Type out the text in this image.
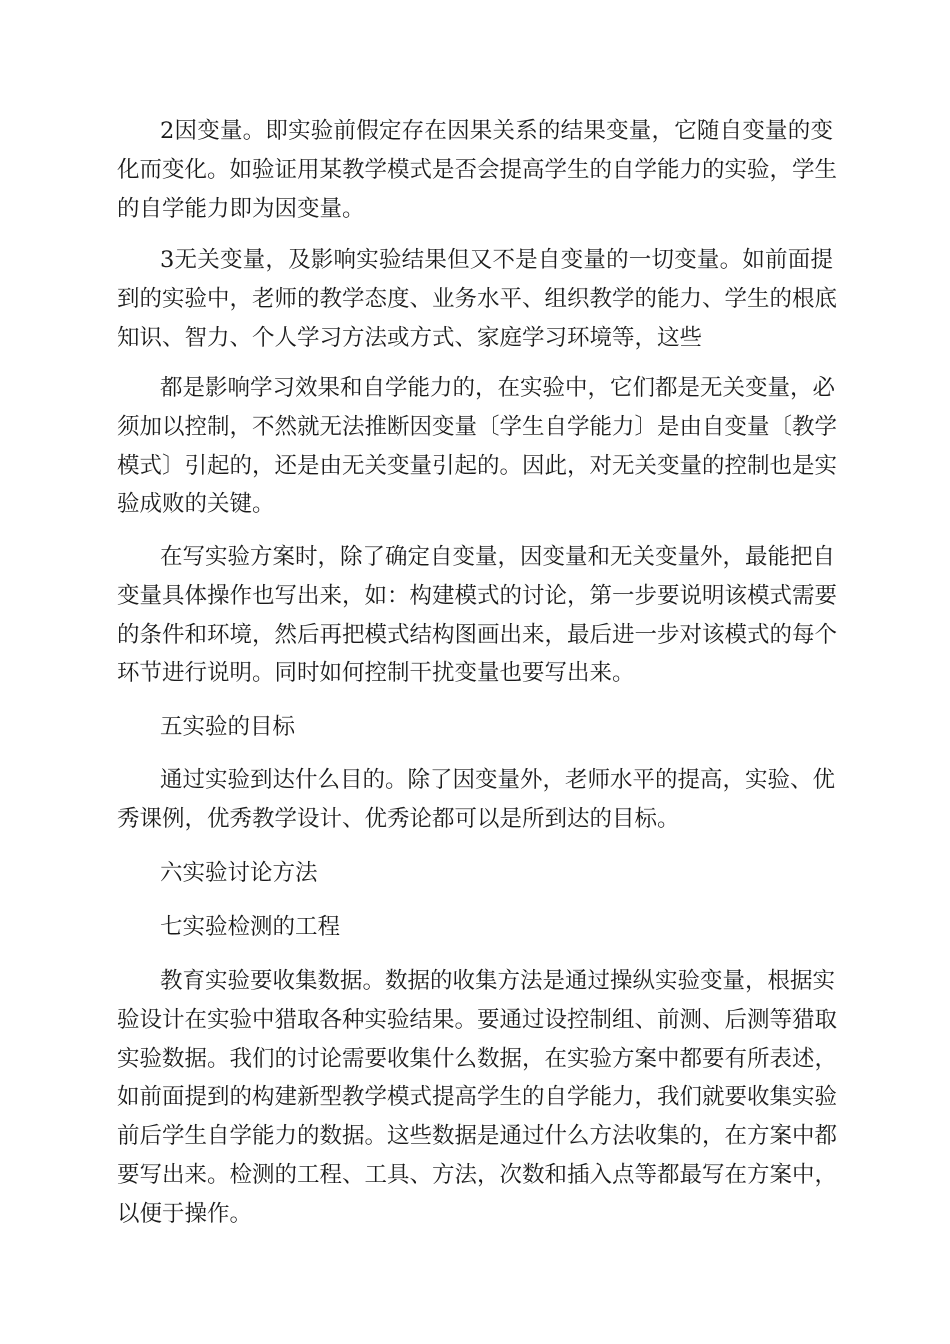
2因变量。即实验前假定存在因果关系的结果变量，它随自变量的变
化而变化。如验证用某教学模式是否会提高学生的自学能力的实验，学生
的自学能力即为因变量。
3无关变量，及影响实验结果但又不是自变量的一切变量。如前面提
到的实验中，老师的教学态度、业务水平、组织教学的能力、学生的根底
知识、智力、个人学习方法或方式、家庭学习环境等，这些
都是影响学习效果和自学能力的，在实验中，它们都是无关变量，必
须加以控制，不然就无法推断因变量〔学生自学能力〕是由自变量〔教学
模式〕引起的，还是由无关变量引起的。因此，对无关变量的控制也是实
验成败的关键。
在写实验方案时，除了确定自变量，因变量和无关变量外，最能把自
变量具体操作也写出来，如：构建模式的讨论，第一步要说明该模式需要
的条件和环境，然后再把模式结构图画出来，最后进一步对该模式的每个
环节进行说明。同时如何控制干扰变量也要写出来。
五实验的目标
通过实验到达什么目的。除了因变量外，老师水平的提高，实验、优
秀课例，优秀教学设计、优秀论都可以是所到达的目标。
六实验讨论方法
七实验检测的工程
教育实验要收集数据。数据的收集方法是通过操纵实验变量，根据实
验设计在实验中猎取各种实验结果。要通过设控制组、前测、后测等猎取
实验数据。我们的讨论需要收集什么数据，在实验方案中都要有所表述，
如前面提到的构建新型教学模式提高学生的自学能力，我们就要收集实验
前后学生自学能力的数据。这些数据是通过什么方法收集的，在方案中都
要写出来。检测的工程、工具、方法，次数和插入点等都最写在方案中，
以便于操作。
